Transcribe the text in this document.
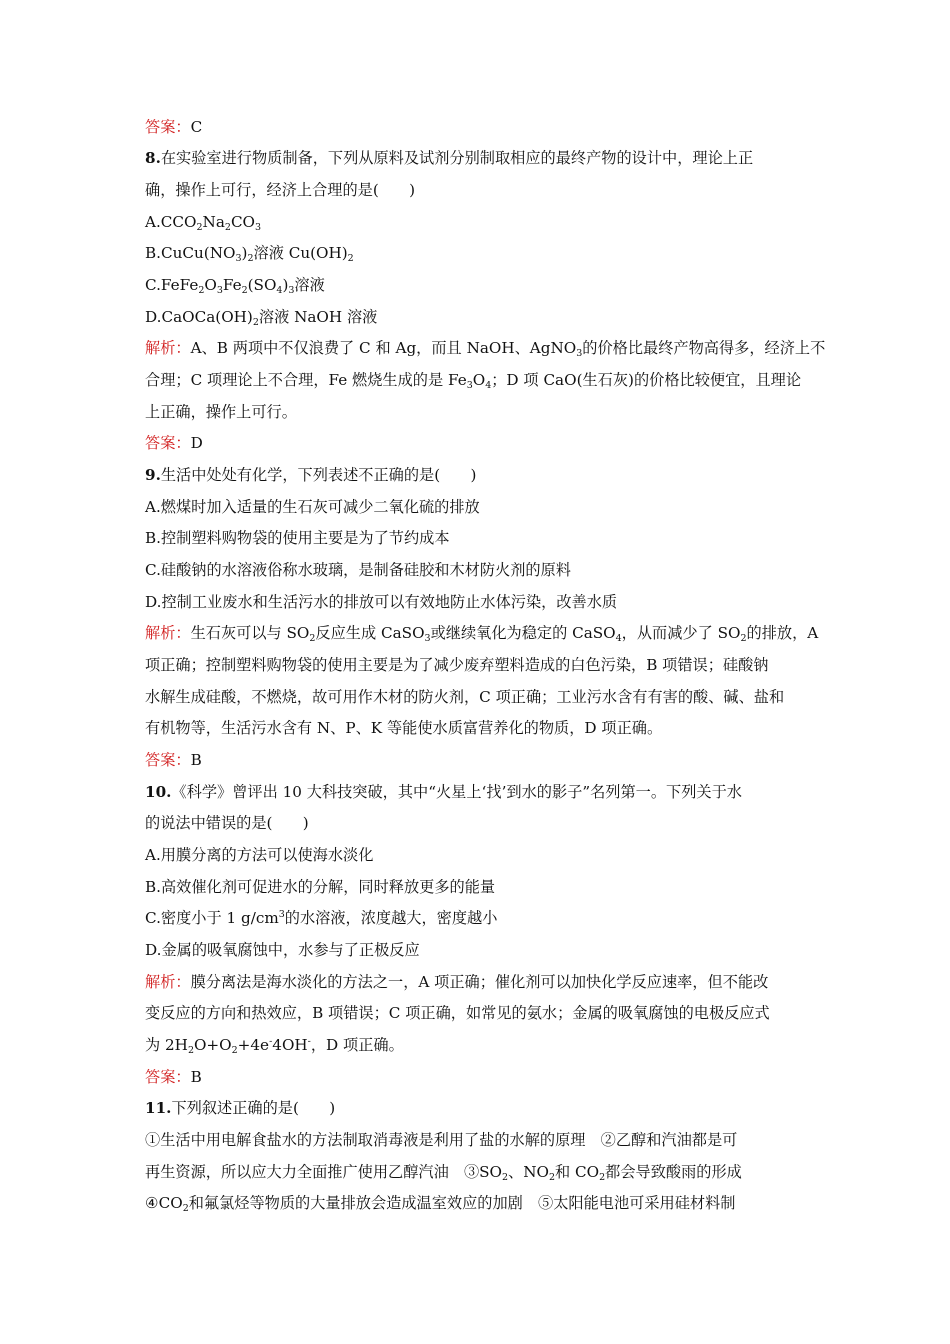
答案：C
8.在实验室进行物质制备，下列从原料及试剂分别制取相应的最终产物的设计中，理论上正
确，操作上可行，经济上合理的是(　　)
$A.CCO_2Na_2CO_3$
$B.CuCu(NO_3)_2$溶液 $Cu(OH)_2$
$C.FeFe_2O_3Fe_2(SO_4)_3$溶液
$D.CaOCa(OH)_2$溶液 NaOH 溶液
解析：A、B 两项中不仅浪费了 C 和 Ag，而且 NaOH、AgNO$_3$的价格比最终产物高得多，经济上不
合理；C 项理论上不合理，Fe 燃烧生成的是 $Fe_3O_4$；D 项 CaO(生石灰)的价格比较便宜，且理论
上正确，操作上可行。
答案：D
9.生活中处处有化学，下列表述不正确的是(　　)
A.燃煤时加入适量的生石灰可减少二氧化硫的排放
B.控制塑料购物袋的使用主要是为了节约成本
C.硅酸钠的水溶液俗称水玻璃，是制备硅胶和木材防火剂的原料
D.控制工业废水和生活污水的排放可以有效地防止水体污染，改善水质
解析：生石灰可以与 $SO_2$反应生成 CaSO$_3$或继续氧化为稳定的 CaSO$_4$，从而减少了 $SO_2$的排放，A
项正确；控制塑料购物袋的使用主要是为了减少废弃塑料造成的白色污染，B 项错误；硅酸钠
水解生成硅酸，不燃烧，故可用作木材的防火剂，C 项正确；工业污水含有有害的酸、碱、盐和
有机物等，生活污水含有 N、P、K 等能使水质富营养化的物质，D 项正确。
答案：B
10.《科学》曾评出 10 大科技突破，其中“火星上‘找’到水的影子”名列第一。下列关于水
的说法中错误的是(　　)
A.用膜分离的方法可以使海水淡化
B.高效催化剂可促进水的分解，同时释放更多的能量
C.密度小于 1 $g/cm^3$的水溶液，浓度越大，密度越小
D.金属的吸氧腐蚀中，水参与了正极反应
解析：膜分离法是海水淡化的方法之一，A 项正确；催化剂可以加快化学反应速率，但不能改
变反应的方向和热效应，B 项错误；C 项正确，如常见的氨水；金属的吸氧腐蚀的电极反应式
为 $2H_2O+O_2+4e^-4OH^-$，D 项正确。
答案：B
11.下列叙述正确的是(　　)
①生活中用电解食盐水的方法制取消毒液是利用了盐的水解的原理　②乙醇和汽油都是可
再生资源，所以应大力全面推广使用乙醇汽油　$③SO_2$、$NO_2$和 $CO_2$都会导致酸雨的形成
$④CO_2$和氟氯烃等物质的大量排放会造成温室效应的加剧　⑤太阳能电池可采用硅材料制
